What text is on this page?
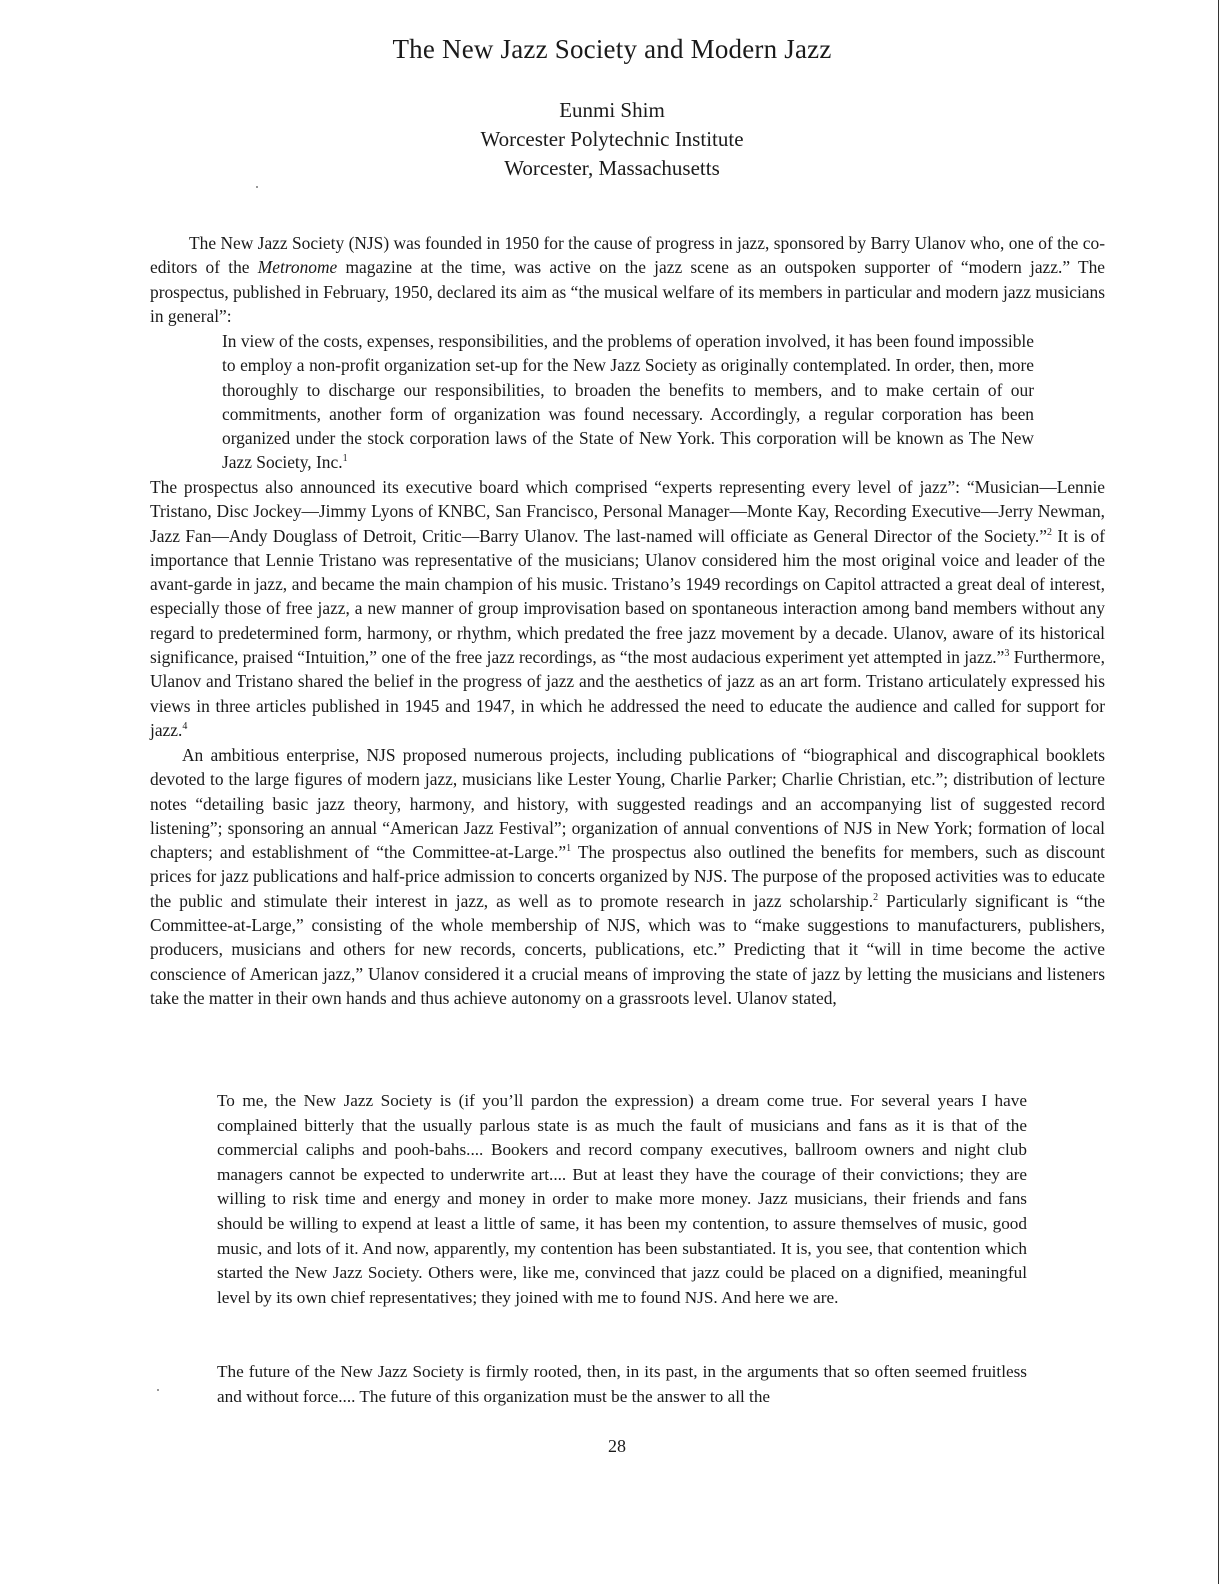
The New Jazz Society and Modern Jazz
Eunmi Shim
Worcester Polytechnic Institute
Worcester, Massachusetts
The New Jazz Society (NJS) was founded in 1950 for the cause of progress in jazz, sponsored by Barry Ulanov who, one of the co-editors of the Metronome magazine at the time, was active on the jazz scene as an outspoken supporter of “modern jazz.” The prospectus, published in February, 1950, declared its aim as “the musical welfare of its members in particular and modern jazz musicians in general”:
In view of the costs, expenses, responsibilities, and the problems of operation involved, it has been found impossible to employ a non-profit organization set-up for the New Jazz Society as originally contemplated. In order, then, more thoroughly to discharge our responsibilities, to broaden the benefits to members, and to make certain of our commitments, another form of organization was found necessary. Accordingly, a regular corporation has been organized under the stock corporation laws of the State of New York. This corporation will be known as The New Jazz Society, Inc.$^1$
The prospectus also announced its executive board which comprised “experts representing every level of jazz”: “Musician—Lennie Tristano, Disc Jockey—Jimmy Lyons of KNBC, San Francisco, Personal Manager—Monte Kay, Recording Executive—Jerry Newman, Jazz Fan—Andy Douglass of Detroit, Critic—Barry Ulanov. The last-named will officiate as General Director of the Society.”$^2$ It is of importance that Lennie Tristano was representative of the musicians; Ulanov considered him the most original voice and leader of the avant-garde in jazz, and became the main champion of his music. Tristano’s 1949 recordings on Capitol attracted a great deal of interest, especially those of free jazz, a new manner of group improvisation based on spontaneous interaction among band members without any regard to predetermined form, harmony, or rhythm, which predated the free jazz movement by a decade. Ulanov, aware of its historical significance, praised “Intuition,” one of the free jazz recordings, as “the most audacious experiment yet attempted in jazz.”$^3$ Furthermore, Ulanov and Tristano shared the belief in the progress of jazz and the aesthetics of jazz as an art form. Tristano articulately expressed his views in three articles published in 1945 and 1947, in which he addressed the need to educate the audience and called for support for jazz.$^4$
An ambitious enterprise, NJS proposed numerous projects, including publications of “biographical and discographical booklets devoted to the large figures of modern jazz, musicians like Lester Young, Charlie Parker; Charlie Christian, etc.”; distribution of lecture notes “detailing basic jazz theory, harmony, and history, with suggested readings and an accompanying list of suggested record listening”; sponsoring an annual “American Jazz Festival”; organization of annual conventions of NJS in New York; formation of local chapters; and establishment of “the Committee-at-Large.”$^1$ The prospectus also outlined the benefits for members, such as discount prices for jazz publications and half-price admission to concerts organized by NJS. The purpose of the proposed activities was to educate the public and stimulate their interest in jazz, as well as to promote research in jazz scholarship.$^2$ Particularly significant is “the Committee-at-Large,” consisting of the whole membership of NJS, which was to “make suggestions to manufacturers, publishers, producers, musicians and others for new records, concerts, publications, etc.” Predicting that it “will in time become the active conscience of American jazz,” Ulanov considered it a crucial means of improving the state of jazz by letting the musicians and listeners take the matter in their own hands and thus achieve autonomy on a grassroots level. Ulanov stated,
To me, the New Jazz Society is (if you’ll pardon the expression) a dream come true. For several years I have complained bitterly that the usually parlous state is as much the fault of musicians and fans as it is that of the commercial caliphs and pooh-bahs.... Bookers and record company executives, ballroom owners and night club managers cannot be expected to underwrite art.... But at least they have the courage of their convictions; they are willing to risk time and energy and money in order to make more money. Jazz musicians, their friends and fans should be willing to expend at least a little of same, it has been my contention, to assure themselves of music, good music, and lots of it. And now, apparently, my contention has been substantiated. It is, you see, that contention which started the New Jazz Society. Others were, like me, convinced that jazz could be placed on a dignified, meaningful level by its own chief representatives; they joined with me to found NJS. And here we are.
The future of the New Jazz Society is firmly rooted, then, in its past, in the arguments that so often seemed fruitless and without force.... The future of this organization must be the answer to all the
28
